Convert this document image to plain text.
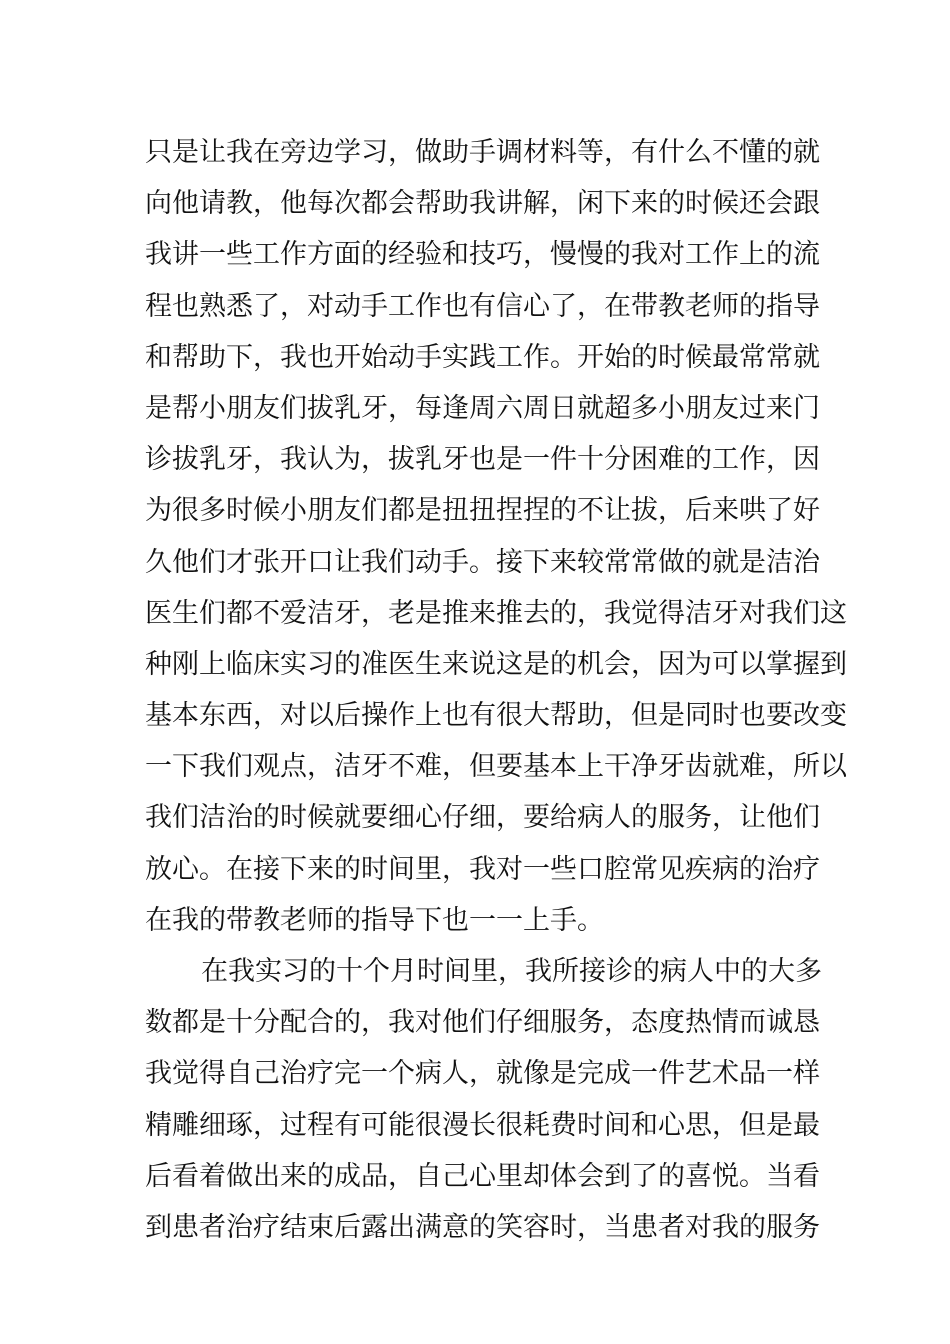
只是让我在旁边学习，做助手调材料等，有什么不懂的就
向他请教，他每次都会帮助我讲解，闲下来的时候还会跟
我讲一些工作方面的经验和技巧，慢慢的我对工作上的流
程也熟悉了，对动手工作也有信心了，在带教老师的指导
和帮助下，我也开始动手实践工作。开始的时候最常常就
是帮小朋友们拔乳牙，每逢周六周日就超多小朋友过来门
诊拔乳牙，我认为，拔乳牙也是一件十分困难的工作，因
为很多时候小朋友们都是扭扭捏捏的不让拔，后来哄了好
久他们才张开口让我们动手。接下来较常常做的就是洁治
医生们都不爱洁牙，老是推来推去的，我觉得洁牙对我们这
种刚上临床实习的准医生来说这是的机会，因为可以掌握到
基本东西，对以后操作上也有很大帮助，但是同时也要改变
一下我们观点，洁牙不难，但要基本上干净牙齿就难，所以
我们洁治的时候就要细心仔细，要给病人的服务，让他们
放心。在接下来的时间里，我对一些口腔常见疾病的治疗
在我的带教老师的指导下也一一上手。
在我实习的十个月时间里，我所接诊的病人中的大多
数都是十分配合的，我对他们仔细服务，态度热情而诚恳
我觉得自己治疗完一个病人，就像是完成一件艺术品一样
精雕细琢，过程有可能很漫长很耗费时间和心思，但是最
后看着做出来的成品，自己心里却体会到了的喜悦。当看
到患者治疗结束后露出满意的笑容时，当患者对我的服务
